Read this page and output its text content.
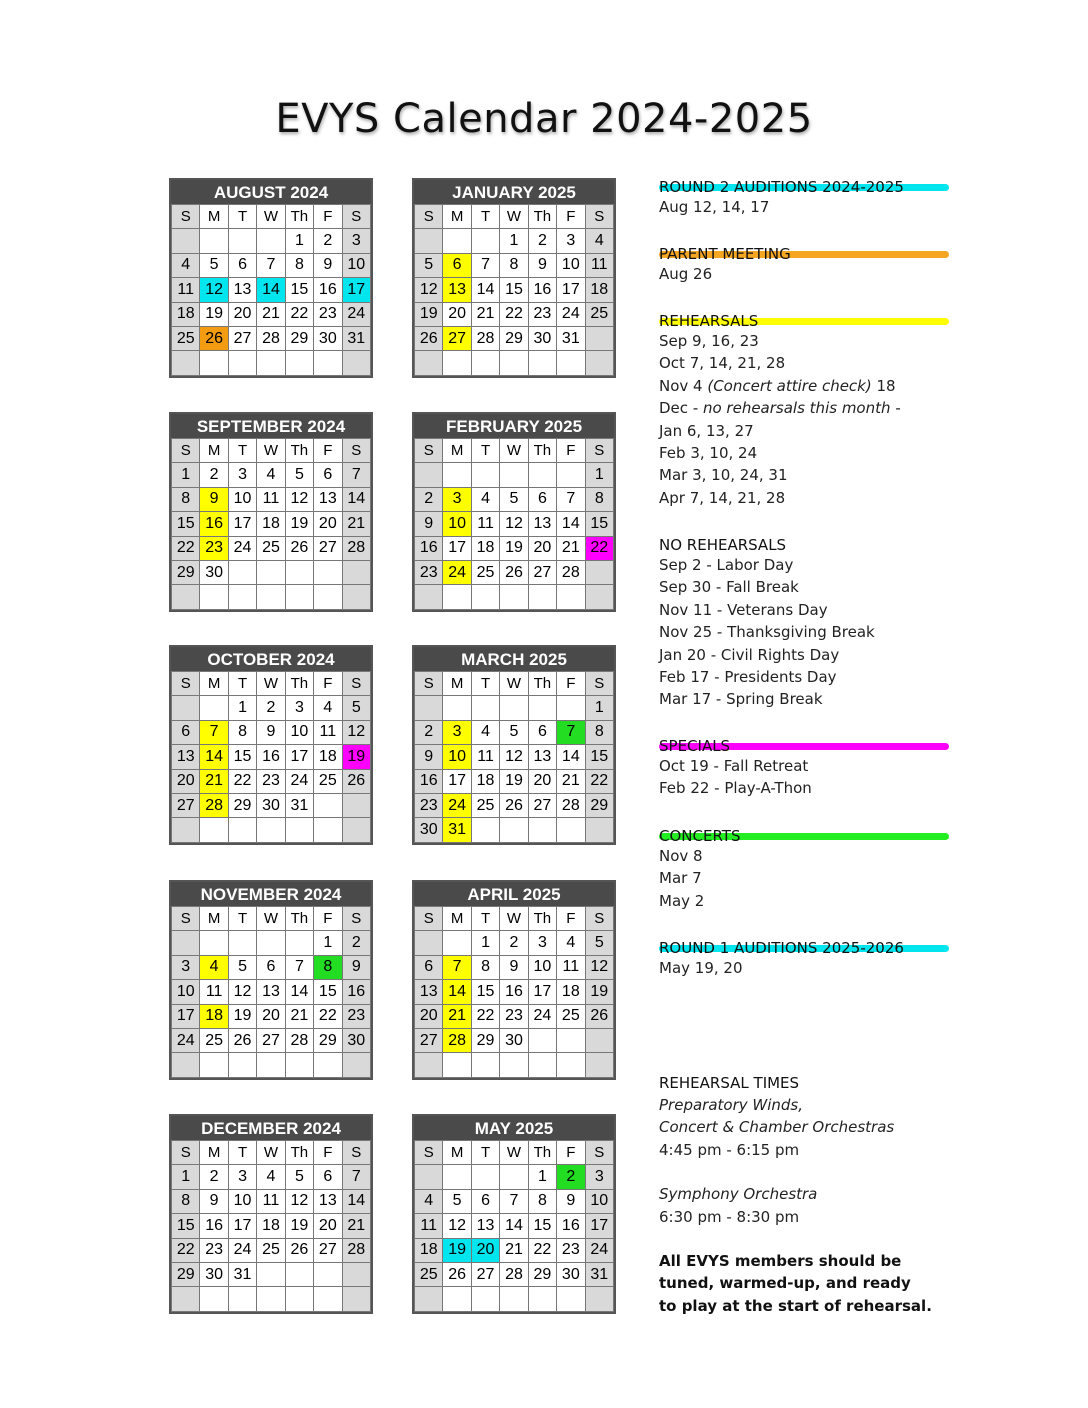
EVYS Calendar 2024-2025
AUGUST 2024
S	M	T	W	Th	F	S
				1	2	3
4	5	6	7	8	9	10
11	12	13	14	15	16	17
18	19	20	21	22	23	24
25	26	27	28	29	30	31

SEPTEMBER 2024
S	M	T	W	Th	F	S
1	2	3	4	5	6	7
8	9	10	11	12	13	14
15	16	17	18	19	20	21
22	23	24	25	26	27	28
29	30					

OCTOBER 2024
S	M	T	W	Th	F	S
		1	2	3	4	5
6	7	8	9	10	11	12
13	14	15	16	17	18	19
20	21	22	23	24	25	26
27	28	29	30	31		

NOVEMBER 2024
S	M	T	W	Th	F	S
					1	2
3	4	5	6	7	8	9
10	11	12	13	14	15	16
17	18	19	20	21	22	23
24	25	26	27	28	29	30

DECEMBER 2024
S	M	T	W	Th	F	S
1	2	3	4	5	6	7
8	9	10	11	12	13	14
15	16	17	18	19	20	21
22	23	24	25	26	27	28
29	30	31				

JANUARY 2025
S	M	T	W	Th	F	S
			1	2	3	4
5	6	7	8	9	10	11
12	13	14	15	16	17	18
19	20	21	22	23	24	25
26	27	28	29	30	31	

FEBRUARY 2025
S	M	T	W	Th	F	S
						1
2	3	4	5	6	7	8
9	10	11	12	13	14	15
16	17	18	19	20	21	22
23	24	25	26	27	28	

MARCH 2025
S	M	T	W	Th	F	S
						1
2	3	4	5	6	7	8
9	10	11	12	13	14	15
16	17	18	19	20	21	22
23	24	25	26	27	28	29
30	31					
APRIL 2025
S	M	T	W	Th	F	S
		1	2	3	4	5
6	7	8	9	10	11	12
13	14	15	16	17	18	19
20	21	22	23	24	25	26
27	28	29	30			

MAY 2025
S	M	T	W	Th	F	S
				1	2	3
4	5	6	7	8	9	10
11	12	13	14	15	16	17
18	19	20	21	22	23	24
25	26	27	28	29	30	31

ROUND 2 AUDITIONS 2024-2025
Aug 12, 14, 17
PARENT MEETING
Aug 26
REHEARSALS
Sep 9, 16, 23
Oct 7, 14, 21, 28
Nov 4 (Concert attire check) 18
Dec - no rehearsals this month -
Jan 6, 13, 27
Feb 3, 10, 24
Mar 3, 10, 24, 31
Apr 7, 14, 21, 28
NO REHEARSALS
Sep 2 - Labor Day
Sep 30 - Fall Break
Nov 11 - Veterans Day
Nov 25 - Thanksgiving Break
Jan 20 - Civil Rights Day
Feb 17 - Presidents Day
Mar 17 - Spring Break
SPECIALS
Oct 19 - Fall Retreat
Feb 22 - Play-A-Thon
CONCERTS
Nov 8
Mar 7
May 2
ROUND 1 AUDITIONS 2025-2026
May 19, 20
REHEARSAL TIMES
Preparatory Winds,
Concert & Chamber Orchestras
4:45 pm - 6:15 pm
Symphony Orchestra
6:30 pm - 8:30 pm
All EVYS members should be
tuned, warmed-up, and ready
to play at the start of rehearsal.
